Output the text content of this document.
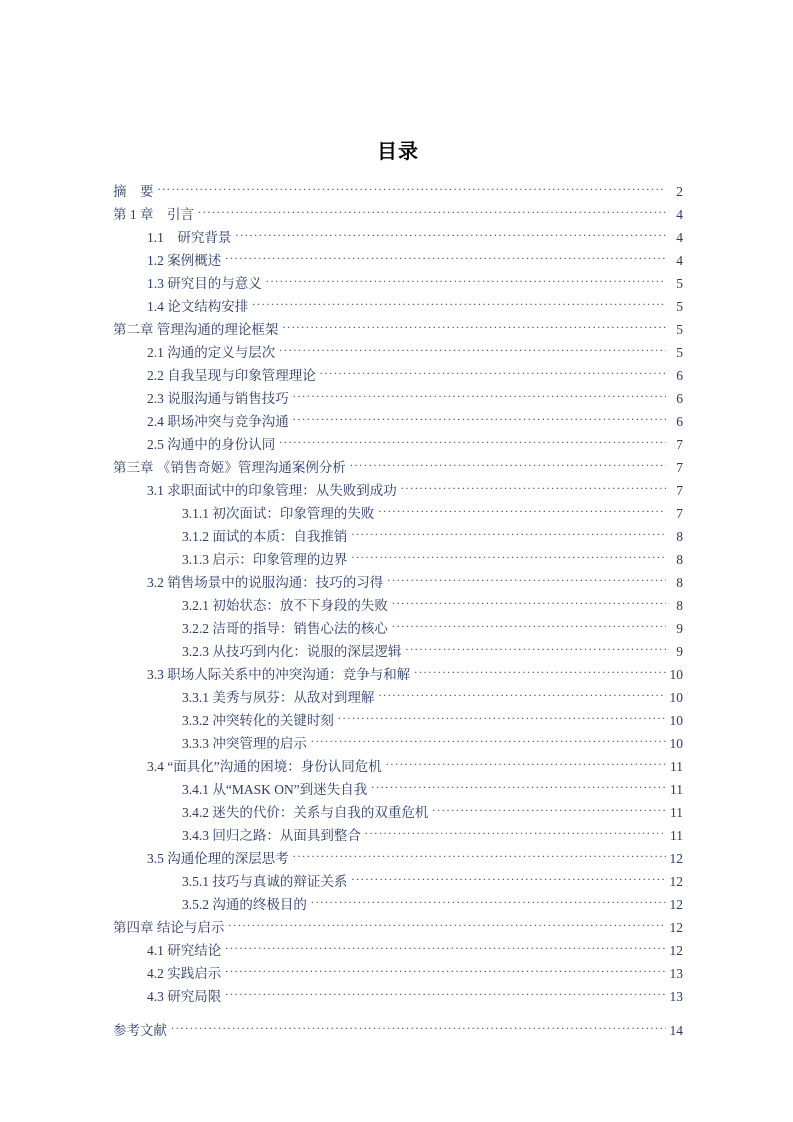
目录
摘　要 .....	2
第 1 章　引言 .....	4
1.1　研究背景 .....	4
1.2 案例概述 .....	4
1.3 研究目的与意义 .....	5
1.4 论文结构安排 .....	5
第二章 管理沟通的理论框架 .....	5
2.1 沟通的定义与层次 .....	5
2.2 自我呈现与印象管理理论 .....	6
2.3 说服沟通与销售技巧 .....	6
2.4 职场冲突与竞争沟通 .....	6
2.5 沟通中的身份认同 .....	7
第三章 《销售奇姬》管理沟通案例分析 .....	7
3.1 求职面试中的印象管理：从失败到成功 .....	7
3.1.1 初次面试：印象管理的失败 .....	7
3.1.2 面试的本质：自我推销 .....	8
3.1.3 启示：印象管理的边界 .....	8
3.2 销售场景中的说服沟通：技巧的习得 .....	8
3.2.1 初始状态：放不下身段的失败 .....	8
3.2.2 洁哥的指导：销售心法的核心 .....	9
3.2.3 从技巧到内化：说服的深层逻辑 .....	9
3.3 职场人际关系中的冲突沟通：竞争与和解 .....	10
3.3.1 美秀与夙芬：从敌对到理解 .....	10
3.3.2 冲突转化的关键时刻 .....	10
3.3.3 冲突管理的启示 .....	10
3.4 “面具化”沟通的困境：身份认同危机 .....	11
3.4.1 从“MASK ON”到迷失自我 .....	11
3.4.2 迷失的代价：关系与自我的双重危机 .....	11
3.4.3 回归之路：从面具到整合 .....	11
3.5 沟通伦理的深层思考 .....	12
3.5.1 技巧与真诚的辩证关系 .....	12
3.5.2 沟通的终极目的 .....	12
第四章 结论与启示 .....	12
4.1 研究结论 .....	12
4.2 实践启示 .....	13
4.3 研究局限 .....	13
参考文献 .....	14
